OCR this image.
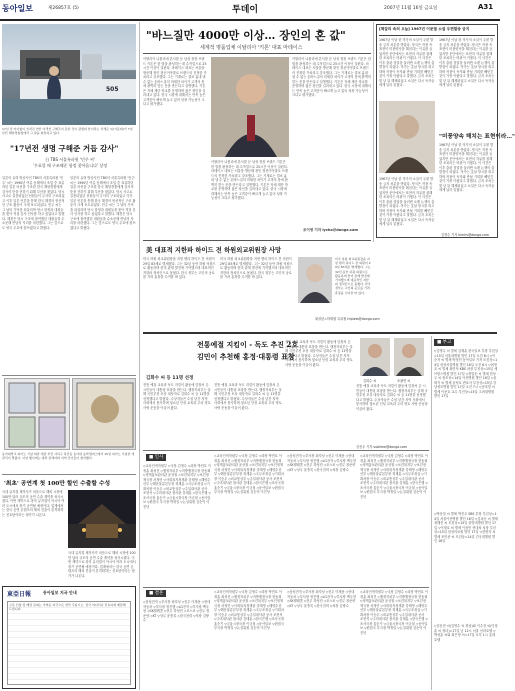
동아일보	제26857호 (5)	투데이	2007년 11월 16일 금요일	A31
505
17년 전 어이없이 쓰러진 연안 여객선 구해주지 못한 것이 평생의 한이라는 서세은 씨(가운데)가 7일 부산 해양경찰청에서 그 날을 회상하고 있다.
"17년전 생명 구해준 거듭 감사"
日 TBS 서울특파원 '민주 씨'
'우표할 때 구조해준 함정 찾아옵니다' 상정
일본의 유력 방송사인 TBS의 서울특파원 '민주' 씨는 1990년 여름 동해에서 조업 중 표류하던 일본 어선을 구조한 한국 해양경찰에게 감사의 뜻을 전하기 위해 부산을 찾았다. 당시 사고로 실종되었던 선원들이 무사히 구조되었고 이후 일본 언론을 통해 한국 해경의 헌신적인 구조 활동이 크게 보도되었다. 민주 씨는 그 날의 기억을 되살리며 당시 함정과 대원들을 찾아 직접 감사 인사를 하고 싶었다고 말했다. 해경은 당시 구조에 참여했던 대원들을 수소문해 만남의 자리를 마련했다. 그는 앞으로도 양국 우호에 힘쓰겠다고 밝혔다.
일본의 유력 방송사인 TBS의 서울특파원 '민주' 씨는 1990년 여름 동해에서 조업 중 표류하던 일본 어선을 구조한 한국 해양경찰에게 감사의 뜻을 전하기 위해 부산을 찾았다. 당시 사고로 실종되었던 선원들이 무사히 구조되었고 이후 일본 언론을 통해 한국 해경의 헌신적인 구조 활동이 크게 보도되었다. 민주 씨는 그 날의 기억을 되살리며 당시 함정과 대원들을 찾아 직접 감사 인사를 하고 싶었다고 말했다. 해경은 당시 구조에 참여했던 대원들을 수소문해 만남의 자리를 마련했다. 그는 앞으로도 양국 우호에 힘쓰겠다고 밝혔다.
동아대학교 피아노 기념 회관 개관 부산 사하구 하단동 동아대 승학캠퍼스에서 15일 피아노 기념관 개관식이 열렸다. 이날 행사에는 대학 관계자와 지역 인사들이 참석했다.
'최초' 공연계 첫 100만 할인 수출할 수성
국내 뮤지컬 제작사가 처음으로 해외 시장에 100만 달러 규모의 공연 수출 계약을 성사시켰다. 이번 계약으로 창작 뮤지컬이 아시아 여러 도시에서 장기 공연될 예정이다. 업계에서는 한국 공연 콘텐츠의 해외 진출이 본격화하는 신호탄이라는 평가가 나온다.
국내 뮤지컬 제작사가 처음으로 해외 시장에 100만 달러 규모의 공연 수출 계약을 성사시켰다. 이번 계약으로 창작 뮤지컬이 아시아 여러 도시에서 장기 공연될 예정이다. 업계에서는 한국 공연 콘텐츠의 해외 진출이 본격화하는 신호탄이라는 평가가 나온다.
東亞日報	동아일보 지국 안내
구독 신청 및 배달 문의는 가까운 지국으로 연락 주십시오. 전국 어디서나 신속하게 배달해 드립니다.
"바느질만 4000만 이상… 장인의 혼 값"
세계적 명품업체 이탈리아 '키톤' 대표 마테이스
이탈리아 나폴리에 본사를 둔 남성 정장 브랜드 키톤은 한 벌을 완성하는 데 수작업으로 25시간 이상이 걸린다. 마테이스 대표는 서울을 방문해 장인 정신이야말로 브랜드의 진정한 가치라고 강조했다. 그는 기계로는 결코 흉내 낼 수 없는 손바느질의 미세한 차이가 고객의 몸에 완벽히 맞는 옷을 만든다고 설명했다. 키톤은 자체 재단 학교를 운영하며 젊은 장인을 길러내고 있다. 한국 시장에 대해서는 안목 높은 고객층이 빠르게 늘고 있어 성장 가능성이 크다고 평가했다.
이탈리아 나폴리에 본사를 둔 남성 정장 브랜드 키톤은 한 벌을 완성하는 데 수작업으로 25시간 이상이 걸린다. 마테이스 대표는 서울을 방문해 장인 정신이야말로 브랜드의 진정한 가치라고 강조했다. 그는 기계로는 결코 흉내 낼 수 없는 손바느질의 미세한 차이가 고객의 몸에 완벽히 맞는 옷을 만든다고 설명했다. 키톤은 자체 재단 학교를 운영하며 젊은 장인을 길러내고 있다. 한국 시장에 대해서는 안목 높은 고객층이 빠르게 늘고 있어 성장 가능성이 크다고 평가했다.
이탈리아 나폴리에 본사를 둔 남성 정장 브랜드 키톤은 한 벌을 완성하는 데 수작업으로 25시간 이상이 걸린다. 마테이스 대표는 서울을 방문해 장인 정신이야말로 브랜드의 진정한 가치라고 강조했다. 그는 기계로는 결코 흉내 낼 수 없는 손바느질의 미세한 차이가 고객의 몸에 완벽히 맞는 옷을 만든다고 설명했다. 키톤은 자체 재단 학교를 운영하며 젊은 장인을 길러내고 있다. 한국 시장에 대해서는 안목 높은 고객층이 빠르게 늘고 있어 성장 가능성이 크다고 평가했다.
조이영 기자 lycho@donga.com
美 대표적 지한파 하이드 전 하원외교위원장 사망
미국 하원 외교위원장을 지낸 헨리 하이드 전 의원이 29일 83세로 별세했다. 그는 32년 동안 하원 의원으로 활동하며 한미 관계 발전에 기여했으며 대표적인 지한파 정치인으로 꼽혔다. 한국 정부는 고인의 공로를 기려 훈장을 수여한 바 있다.
미국 하원 외교위원장을 지낸 헨리 하이드 전 의원이 29일 83세로 별세했다. 그는 32년 동안 하원 의원으로 활동하며 한미 관계 발전에 기여했으며 대표적인 지한파 정치인으로 꼽혔다. 한국 정부는 고인의 공로를 기려 훈장을 수여한 바 있다.
미국 하원 외교위원장을 지낸 헨리 하이드 전 의원이 29일 83세로 별세했다. 그는 32년 동안 하원 의원으로 활동하며 한미 관계 발전에 기여했으며 대표적인 지한파 정치인으로 꼽혔다. 한국 정부는 고인의 공로를 기려 훈장을 수여한 바 있다.
워싱턴=하태원 특파원 triplets@donga.com
[책갈피 속의 오늘] 1967년 이문열 소설 우편발송 금지
1967년 이날 한 작가의 소설이 우편 발송 금지 처분을 받았다. 당국은 작품 속 표현이 미풍양속을 해친다는 이유를 들었지만 문단에서는 표현의 자유를 침해한 조치라는 비판이 거셌다. 이 사건은 이후 출판 검열을 둘러싼 오랜 논쟁의 출발점이 되었다. 작가는 훗날 당시를 회고하며 작품이 독자와 만날 기회를 빼앗긴 것이 가장 아팠다고 말했다. 금지 조치는 몇 년 뒤 해제되었고 소설은 다시 독자들에게 널리 읽혔다.
1967년 이날 한 작가의 소설이 우편 발송 금지 처분을 받았다. 당국은 작품 속 표현이 미풍양속을 해친다는 이유를 들었지만 문단에서는 표현의 자유를 침해한 조치라는 비판이 거셌다. 이 사건은 이후 출판 검열을 둘러싼 오랜 논쟁의 출발점이 되었다. 작가는 훗날 당시를 회고하며 작품이 독자와 만날 기회를 빼앗긴 것이 가장 아팠다고 말했다. 금지 조치는 몇 년 뒤 해제되었고 소설은 다시 독자들에게 널리 읽혔다.
"미풍양속 해치는 표현이라…"
1967년 이날 한 작가의 소설이 우편 발송 금지 처분을 받았다. 당국은 작품 속 표현이 미풍양속을 해친다는 이유를 들었지만 문단에서는 표현의 자유를 침해한 조치라는 비판이 거셌다. 이 사건은 이후 출판 검열을 둘러싼 오랜 논쟁의 출발점이 되었다. 작가는 훗날 당시를 회고하며 작품이 독자와 만날 기회를 빼앗긴 것이 가장 아팠다고 말했다. 금지 조치는 몇 년 뒤 해제되었고 소설은 다시 독자들에게 널리 읽혔다.
1967년 이날 한 작가의 소설이 우편 발송 금지 처분을 받았다. 당국은 작품 속 표현이 미풍양속을 해친다는 이유를 들었지만 문단에서는 표현의 자유를 침해한 조치라는 비판이 거셌다. 이 사건은 이후 출판 검열을 둘러싼 오랜 논쟁의 출발점이 되었다. 작가는 훗날 당시를 회고하며 작품이 독자와 만날 기회를 빼앗긴 것이 가장 아팠다고 말했다. 금지 조치는 몇 년 뒤 해제되었고 소설은 다시 독자들에게 널리 읽혔다.
김현수 기자 kimhs@donga.com
전통예절 지킴이 - 독도 추진 2호
김민이 추천해 홍정·대통령 표창
김화수 씨 등 11명 선정
전통 예절 교육과 독도 지킴이 활동에 앞장서 온 시민들이 대통령 표창을 받는다. 행정자치부는 올해 국민추천 포상 대상자로 김화수 씨 등 11명을 선정했다고 밝혔다. 수상자들은 수십 년간 지역 사회에서 봉사하며 청소년 인성 교육과 우리 영토 사랑 운동을 이끌어 왔다.
전통 예절 교육과 독도 지킴이 활동에 앞장서 온 시민들이 대통령 표창을 받는다. 행정자치부는 올해 국민추천 포상 대상자로 김화수 씨 등 11명을 선정했다고 밝혔다. 수상자들은 수십 년간 지역 사회에서 봉사하며 청소년 인성 교육과 우리 영토 사랑 운동을 이끌어 왔다.
전통 예절 교육과 독도 지킴이 활동에 앞장서 온 시민들이 대통령 표창을 받는다. 행정자치부는 올해 국민추천 포상 대상자로 김화수 씨 등 11명을 선정했다고 밝혔다. 수상자들은 수십 년간 지역 사회에서 봉사하며 청소년 인성 교육과 우리 영토 사랑 운동을 이끌어 왔다.
김화수 씨	조광연 씨
전통 예절 교육과 독도 지킴이 활동에 앞장서 온 시민들이 대통령 표창을 받는다. 행정자치부는 올해 국민추천 포상 대상자로 김화수 씨 등 11명을 선정했다고 밝혔다. 수상자들은 수십 년간 지역 사회에서 봉사하며 청소년 인성 교육과 우리 영토 사랑 운동을 이끌어 왔다.
김선우 기자 sublime@donga.com
■ 부고
▽김병수 씨 별세 김재훈 한국일보 부장 부친상=15일 서울대병원 발인 17일 오전 8시 ▽이순자 씨 별세 박정민 동아일보 기자 모친상=14일 삼성서울병원 발인 16일 오전 6시 ▽최영호 씨 별세 최민석 KBS 차장 부친상=15일 세브란스병원 발인 17일 ▽정말순 씨 별세 한상우 씨 장모상=14일 아산병원 발인 16일 ▽윤태식 씨 별세 윤성호 변호사 부친상=15일 강남성모병원 발인 17일 오전 7시 ▽송미경 씨 별세 이준호 교수 부인상=15일 고려대병원 발인 17일
▽박상철 씨 별세 박진우 SBS 부장 부친상=14일 서울아산병원 발인 16일 ▽김옥순 씨 별세 정해진 씨 모친상=15일 한양대병원 발인 17일 ▽이정호 씨 별세 이성민 현대차 차장 부친상=15일 삼성의료원 발인 17일 ▽한영자 씨 별세 조민준 씨 모친상=14일 건국대병원 발인 16일
▽김동현 씨(김영수 씨 장남)와 이수진 씨(이정훈 씨 장녀)=17일 낮 12시 서울 신라호텔 ▽박성훈 씨와 최은영 씨=17일 오후 1시 롯데호텔
■ 인사
◇교육인적자원부 ▽국장 김영수 ▽과장 박민호 이정훈 최성진 ◇행정자치부 ▽지방행정국장 한동희 ▽정책홍보관리관 윤상철 ◇보건복지부 ▽보건정책국장 서정민 ▽사회복지정책관 강태영 ◇해양수산부 ▽해운물류본부장 정재훈 ◇국무조정실 ▽기획차장 이승우 ◇외교통상부 ▽주일대사관 공사 조현석 ▽주미대사관 참사관 김태훈 ◇한국은행 ▽조사국장 홍순기 ▽금융시장국장 이규철 ◇동아일보 ▽편집국 부국장 박정일 ▽논설위원 김순덕 이진녕
◇교육인적자원부 ▽국장 김영수 ▽과장 박민호 이정훈 최성진 ◇행정자치부 ▽지방행정국장 한동희 ▽정책홍보관리관 윤상철 ◇보건복지부 ▽보건정책국장 서정민 ▽사회복지정책관 강태영 ◇해양수산부 ▽해운물류본부장 정재훈 ◇국무조정실 ▽기획차장 이승우 ◇외교통상부 ▽주일대사관 공사 조현석 ▽주미대사관 참사관 김태훈 ◇한국은행 ▽조사국장 홍순기 ▽금융시장국장 이규철 ◇동아일보 ▽편집국 부국장 박정일 ▽논설위원 김순덕 이진녕
◇삼성전자 ▽부사장 최지성 ▽전무 이재용 ◇현대자동차 ▽부사장 정진행 ◇LG전자 ▽부사장 백우현 ◇SK텔레콤 ▽전무 하성민 ◇포스코 ▽전무 정준양 ◇KT ▽상무 윤종록 ◇한국전력 ▽처장 김쌍수
◇교육인적자원부 ▽국장 김영수 ▽과장 박민호 이정훈 최성진 ◇행정자치부 ▽지방행정국장 한동희 ▽정책홍보관리관 윤상철 ◇보건복지부 ▽보건정책국장 서정민 ▽사회복지정책관 강태영 ◇해양수산부 ▽해운물류본부장 정재훈 ◇국무조정실 ▽기획차장 이승우 ◇외교통상부 ▽주일대사관 공사 조현석 ▽주미대사관 참사관 김태훈 ◇한국은행 ▽조사국장 홍순기 ▽금융시장국장 이규철 ◇동아일보 ▽편집국 부국장 박정일 ▽논설위원 김순덕 이진녕
■ 결혼
◇삼성전자 ▽부사장 최지성 ▽전무 이재용 ◇현대자동차 ▽부사장 정진행 ◇LG전자 ▽부사장 백우현 ◇SK텔레콤 ▽전무 하성민 ◇포스코 ▽전무 정준양 ◇KT ▽상무 윤종록 ◇한국전력 ▽처장 김쌍수
◇교육인적자원부 ▽국장 김영수 ▽과장 박민호 이정훈 최성진 ◇행정자치부 ▽지방행정국장 한동희 ▽정책홍보관리관 윤상철 ◇보건복지부 ▽보건정책국장 서정민 ▽사회복지정책관 강태영 ◇해양수산부 ▽해운물류본부장 정재훈 ◇국무조정실 ▽기획차장 이승우 ◇외교통상부 ▽주일대사관 공사 조현석 ▽주미대사관 참사관 김태훈 ◇한국은행 ▽조사국장 홍순기 ▽금융시장국장 이규철 ◇동아일보 ▽편집국 부국장 박정일 ▽논설위원 김순덕 이진녕
◇삼성전자 ▽부사장 최지성 ▽전무 이재용 ◇현대자동차 ▽부사장 정진행 ◇LG전자 ▽부사장 백우현 ◇SK텔레콤 ▽전무 하성민 ◇포스코 ▽전무 정준양 ◇KT ▽상무 윤종록 ◇한국전력 ▽처장 김쌍수
◇교육인적자원부 ▽국장 김영수 ▽과장 박민호 이정훈 최성진 ◇행정자치부 ▽지방행정국장 한동희 ▽정책홍보관리관 윤상철 ◇보건복지부 ▽보건정책국장 서정민 ▽사회복지정책관 강태영 ◇해양수산부 ▽해운물류본부장 정재훈 ◇국무조정실 ▽기획차장 이승우 ◇외교통상부 ▽주일대사관 공사 조현석 ▽주미대사관 참사관 김태훈 ◇한국은행 ▽조사국장 홍순기 ▽금융시장국장 이규철 ◇동아일보 ▽편집국 부국장 박정일 ▽논설위원 김순덕 이진녕
